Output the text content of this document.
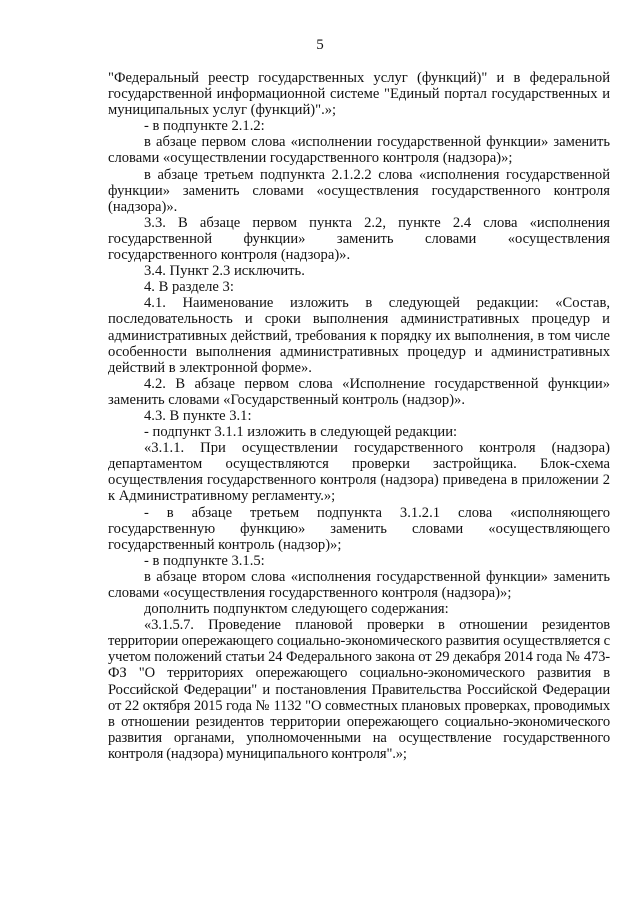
5

"Федеральный реестр государственных услуг (функций)" и в федеральной государственной информационной системе "Единый портал государственных и муниципальных услуг (функций)".»;

- в подпункте 2.1.2:

в абзаце первом слова «исполнении государственной функции» заменить словами «осуществлении государственного контроля (надзора)»;

в абзаце третьем подпункта 2.1.2.2 слова «исполнения государственной функции» заменить словами «осуществления государственного контроля (надзора)».

3.3. В абзаце первом пункта 2.2, пункте 2.4 слова «исполнения государственной функции» заменить словами «осуществления государственного контроля (надзора)».

3.4. Пункт 2.3 исключить.

4. В разделе 3:

4.1. Наименование изложить в следующей редакции: «Состав, последовательность и сроки выполнения административных процедур и административных действий, требования к порядку их выполнения, в том числе особенности выполнения административных процедур и административных действий в электронной форме».

4.2. В абзаце первом слова «Исполнение государственной функции» заменить словами «Государственный контроль (надзор)».

4.3. В пункте 3.1:

- подпункт 3.1.1 изложить в следующей редакции:

«3.1.1. При осуществлении государственного контроля (надзора) департаментом осуществляются проверки застройщика. Блок-схема осуществления государственного контроля (надзора) приведена в приложении 2 к Административному регламенту.»;

- в абзаце третьем подпункта 3.1.2.1 слова «исполняющего государственную функцию» заменить словами «осуществляющего государственный контроль (надзор)»;

- в подпункте 3.1.5:

в абзаце втором слова «исполнения государственной функции» заменить словами «осуществления государственного контроля (надзора)»;

дополнить подпунктом следующего содержания:

«3.1.5.7. Проведение плановой проверки в отношении резидентов территории опережающего социально-экономического развития осуществляется с учетом положений статьи 24 Федерального закона от 29 декабря 2014 года № 473-ФЗ "О территориях опережающего социально-экономического развития в Российской Федерации" и постановления Правительства Российской Федерации от 22 октября 2015 года № 1132 "О совместных плановых проверках, проводимых в отношении резидентов территории опережающего социально-экономического развития органами, уполномоченными на осуществление государственного контроля (надзора) муниципального контроля".»;
